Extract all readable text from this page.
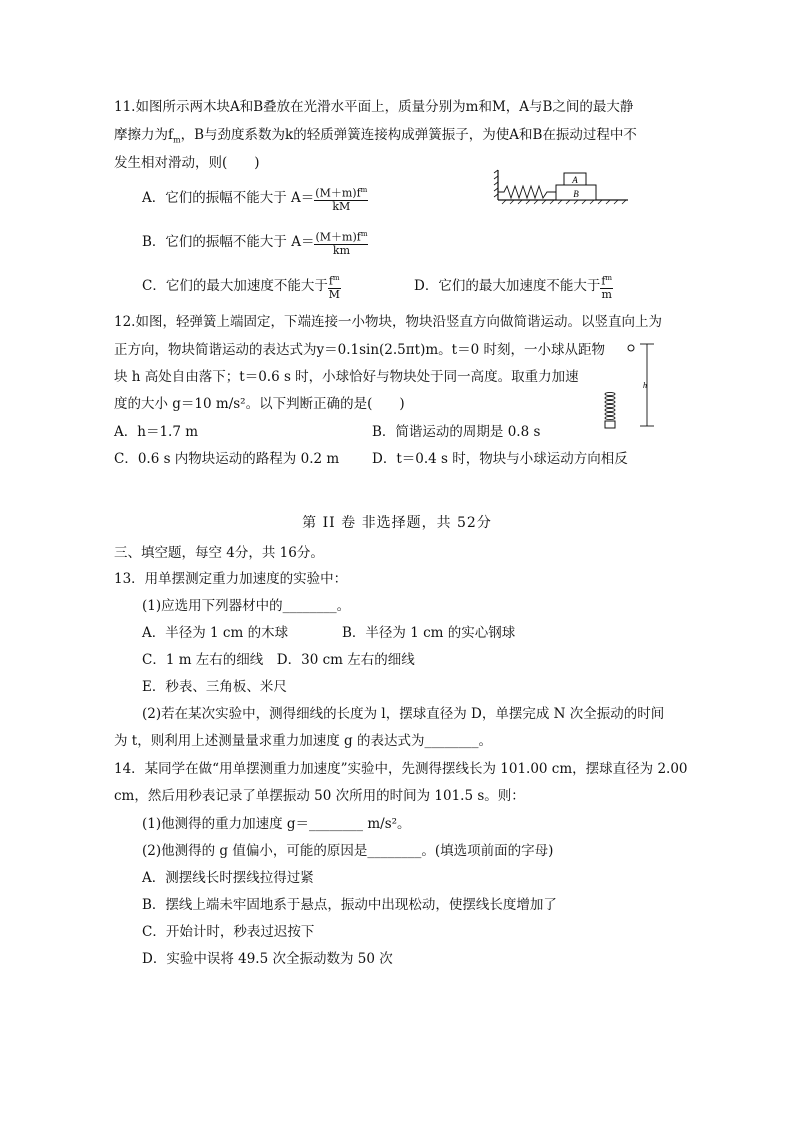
11.如图所示两木块A和B叠放在光滑水平面上，质量分别为m和M，A与B之间的最大静
摩擦力为$f_m$，B与劲度系数为k的轻质弹簧连接构成弹簧振子，为使A和B在振动过程中不
发生相对滑动，则(　　)
A．它们的振幅不能大于 $A= \frac{(M+m)f^m}{kM}$
A
B
B．它们的振幅不能大于 $A= \frac{(M+m)f^m}{km}$
C．它们的最大加速度不能大于 $\frac{f^m}{M}$	D．它们的最大加速度不能大于 $\frac{f^m}{m}$
12.如图，轻弹簧上端固定，下端连接一小物块，物块沿竖直方向做简谐运动。以竖直向上为
正方向，物块简谐运动的表达式为y＝0.1sin(2.5πt)m。t＝0 时刻，一小球从距物
块 h 高处自由落下；t＝0.6 s 时，小球恰好与物块处于同一高度。取重力加速
度的大小 g＝10 m/s²。以下判断正确的是(　　)
h
A．h＝1.7 m	B．简谐运动的周期是 0.8 s
C．0.6 s 内物块运动的路程为 0.2 m D．t＝0.4 s 时，物块与小球运动方向相反
第 II 卷 非选择题，共 52分
三、填空题，每空 4分，共 16分。
13．用单摆测定重力加速度的实验中：
(1)应选用下列器材中的________。
A．半径为 1 cm 的木球	B．半径为 1 cm 的实心钢球
C．1 m 左右的细线　D．30 cm 左右的细线
E．秒表、三角板、米尺
(2)若在某次实验中，测得细线的长度为 l，摆球直径为 D，单摆完成 N 次全振动的时间
为 t，则利用上述测量量求重力加速度 g 的表达式为________。
14．某同学在做“用单摆测重力加速度”实验中，先测得摆线长为 101.00 cm，摆球直径为 2.00
cm，然后用秒表记录了单摆振动 50 次所用的时间为 101.5 s。则：
(1)他测得的重力加速度 g＝________ m/s²。
(2)他测得的 g 值偏小，可能的原因是________。(填选项前面的字母)
A．测摆线长时摆线拉得过紧
B．摆线上端未牢固地系于悬点，振动中出现松动，使摆线长度增加了
C．开始计时，秒表过迟按下
D．实验中误将 49.5 次全振动数为 50 次
